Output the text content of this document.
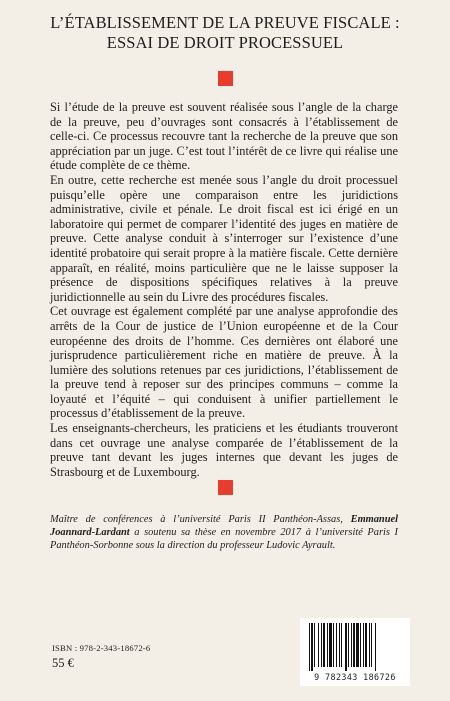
L’ÉTABLISSEMENT DE LA PREUVE FISCALE :
ESSAI DE DROIT PROCESSUEL

Si l’étude de la preuve est souvent réalisée sous l’angle de la charge de la preuve, peu d’ouvrages sont consacrés à l’établissement de celle-ci. Ce processus recouvre tant la recherche de la preuve que son appréciation par un juge. C’est tout l’intérêt de ce livre qui réalise une étude complète de ce thème.

En outre, cette recherche est menée sous l’angle du droit processuel puisqu’elle opère une comparaison entre les juridictions administrative, civile et pénale. Le droit fiscal est ici érigé en un laboratoire qui permet de comparer l’identité des juges en matière de preuve. Cette analyse conduit à s’interroger sur l’existence d’une identité probatoire qui serait propre à la matière fiscale. Cette dernière apparaît, en réalité, moins particulière que ne le laisse supposer la présence de dispositions spécifiques relatives à la preuve juridictionnelle au sein du Livre des procédures fiscales.

Cet ouvrage est également complété par une analyse approfondie des arrêts de la Cour de justice de l’Union européenne et de la Cour européenne des droits de l’homme. Ces dernières ont élaboré une jurisprudence particulièrement riche en matière de preuve. À la lumière des solutions retenues par ces juridictions, l’établissement de la preuve tend à reposer sur des principes communs – comme la loyauté et l’équité – qui conduisent à unifier partiellement le processus d’établissement de la preuve.

Les enseignants-chercheurs, les praticiens et les étudiants trouveront dans cet ouvrage une analyse comparée de l’établissement de la preuve tant devant les juges internes que devant les juges de Strasbourg et de Luxembourg.

Maître de conférences à l’université Paris II Panthéon-Assas, Emmanuel Joannard-Lardant a soutenu sa thèse en novembre 2017 à l’université Paris I Panthéon-Sorbonne sous la direction du professeur Ludovic Ayrault.
ISBN : 978-2-343-18672-6
55 €
9 782343 186726
